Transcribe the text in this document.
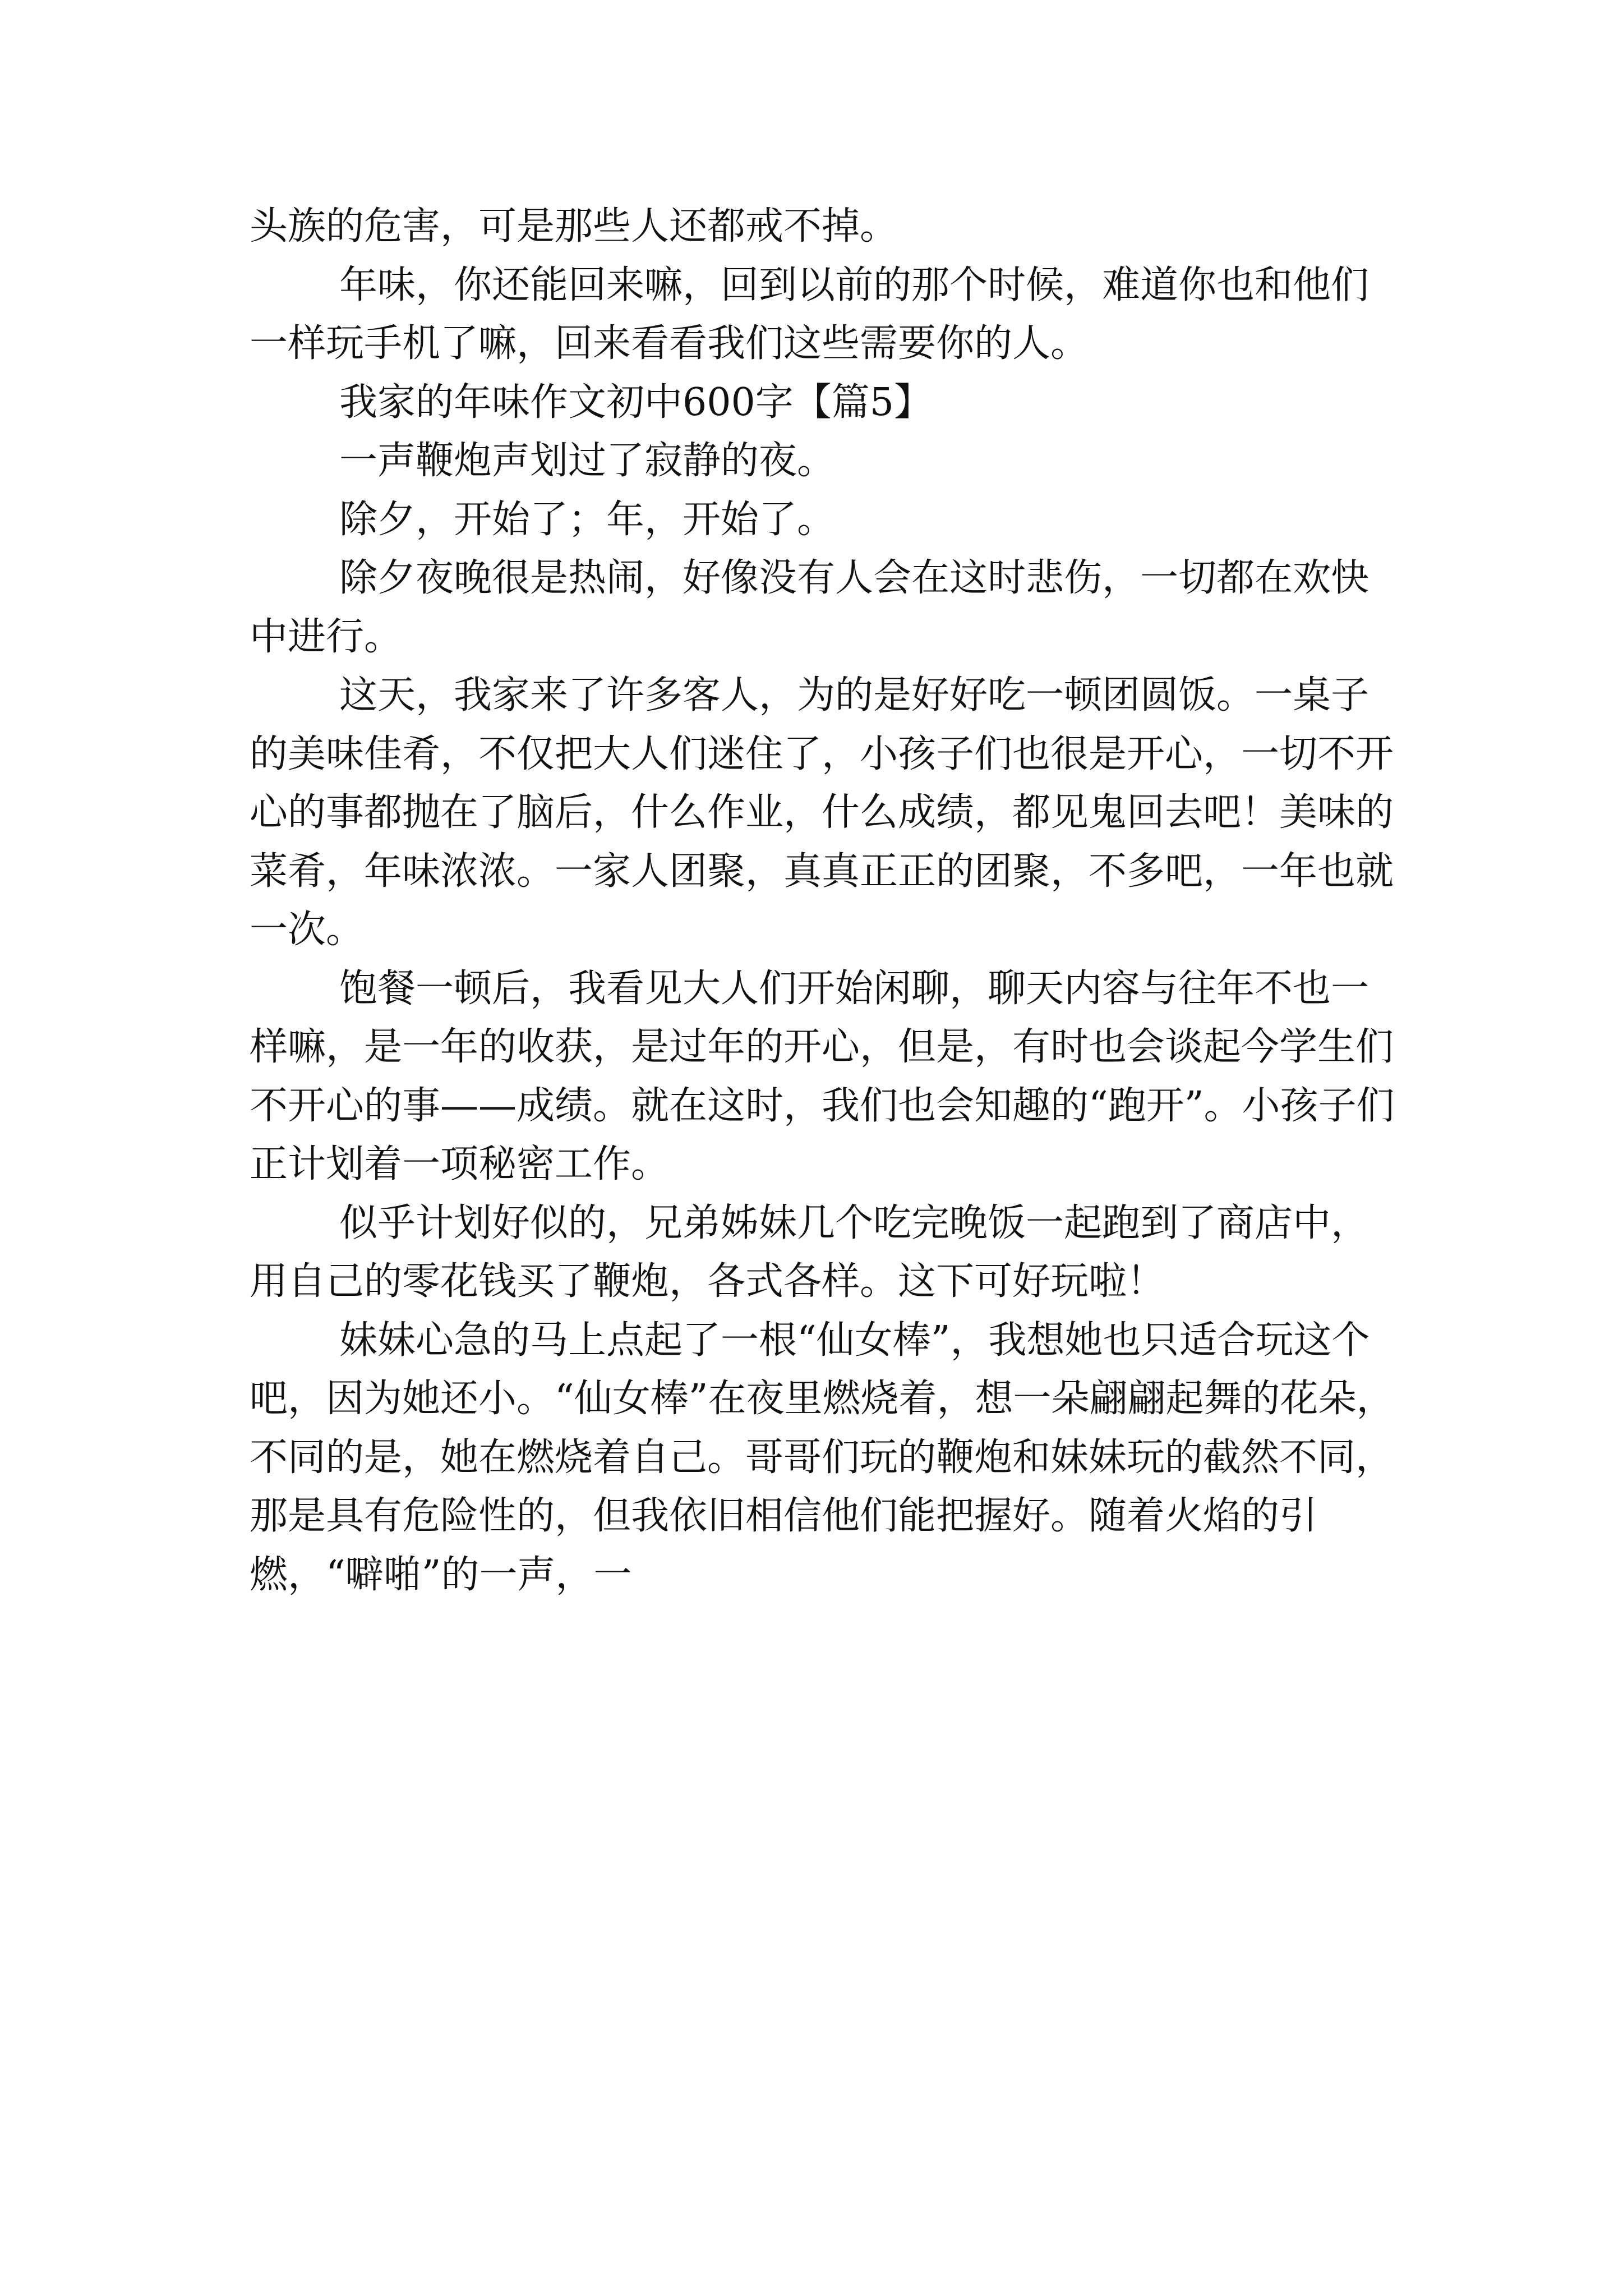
头族的危害，可是那些人还都戒不掉。

年味，你还能回来嘛，回到以前的那个时候，难道你也和他们一样玩手机了嘛，回来看看我们这些需要你的人。

我家的年味作文初中600字【篇5】

一声鞭炮声划过了寂静的夜。

除夕，开始了；年，开始了。

除夕夜晚很是热闹，好像没有人会在这时悲伤，一切都在欢快中进行。

这天，我家来了许多客人，为的是好好吃一顿团圆饭。一桌子的美味佳肴，不仅把大人们迷住了，小孩子们也很是开心，一切不开心的事都抛在了脑后，什么作业，什么成绩，都见鬼回去吧！美味的菜肴，年味浓浓。一家人团聚，真真正正的团聚，不多吧，一年也就一次。

饱餐一顿后，我看见大人们开始闲聊，聊天内容与往年不也一样嘛，是一年的收获，是过年的开心，但是，有时也会谈起今学生们不开心的事——成绩。就在这时，我们也会知趣的“跑开”。小孩子们正计划着一项秘密工作。

似乎计划好似的，兄弟姊妹几个吃完晚饭一起跑到了商店中，用自己的零花钱买了鞭炮，各式各样。这下可好玩啦！

妹妹心急的马上点起了一根“仙女棒”，我想她也只适合玩这个吧，因为她还小。“仙女棒”在夜里燃烧着，想一朵翩翩起舞的花朵，不同的是，她在燃烧着自己。哥哥们玩的鞭炮和妹妹玩的截然不同，那是具有危险性的，但我依旧相信他们能把握好。随着火焰的引燃，“噼啪”的一声，一
